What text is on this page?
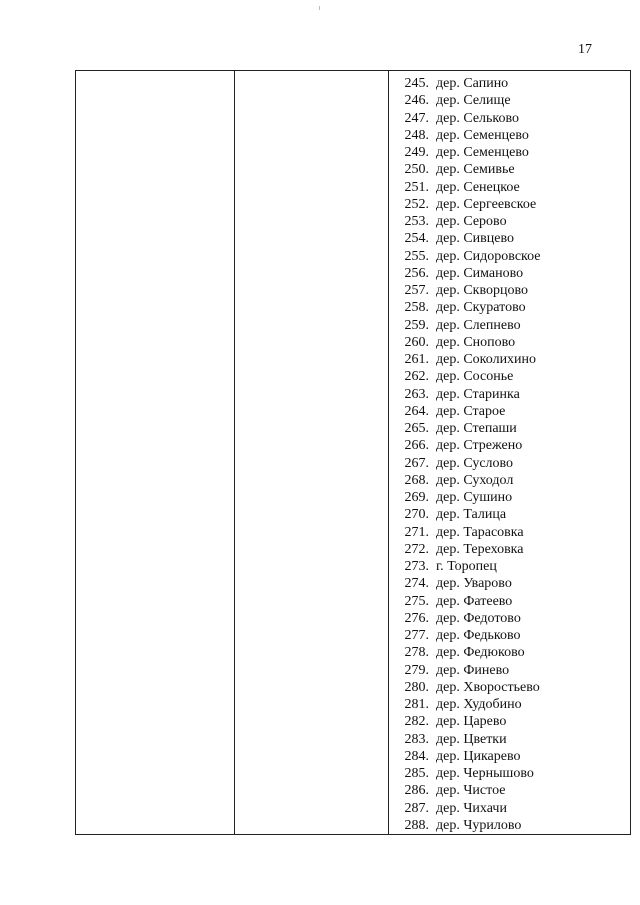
17

245. дер. Сапино
246. дер. Селище
247. дер. Сельково
248. дер. Семенцево
249. дер. Семенцево
250. дер. Семивье
251. дер. Сенецкое
252. дер. Сергеевское
253. дер. Серово
254. дер. Сивцево
255. дер. Сидоровское
256. дер. Симаново
257. дер. Скворцово
258. дер. Скуратово
259. дер. Слепнево
260. дер. Снопово
261. дер. Соколихино
262. дер. Сосонье
263. дер. Старинка
264. дер. Старое
265. дер. Степаши
266. дер. Стрежено
267. дер. Суслово
268. дер. Суходол
269. дер. Сушино
270. дер. Талица
271. дер. Тарасовка
272. дер. Тереховка
273. г. Торопец
274. дер. Уварово
275. дер. Фатеево
276. дер. Федотово
277. дер. Федьково
278. дер. Федюково
279. дер. Финево
280. дер. Хворостьево
281. дер. Худобино
282. дер. Царево
283. дер. Цветки
284. дер. Цикарево
285. дер. Чернышово
286. дер. Чистое
287. дер. Чихачи
288. дер. Чурилово
